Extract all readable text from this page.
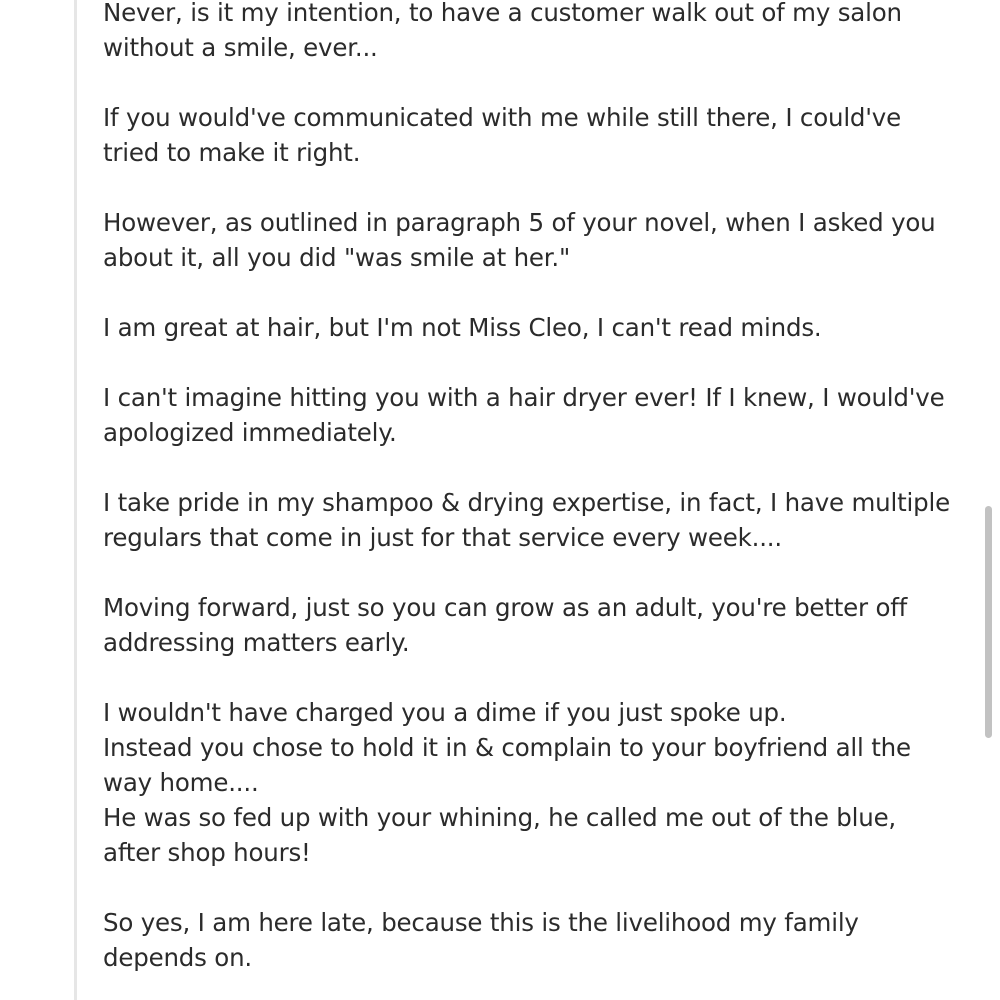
Never, is it my intention, to have a customer walk out of my salon
without a smile, ever...

If you would've communicated with me while still there, I could've
tried to make it right.

However, as outlined in paragraph 5 of your novel, when I asked you
about it, all you did "was smile at her."

I am great at hair, but I'm not Miss Cleo, I can't read minds.

I can't imagine hitting you with a hair dryer ever! If I knew, I would've
apologized immediately.

I take pride in my shampoo & drying expertise, in fact, I have multiple
regulars that come in just for that service every week....

Moving forward, just so you can grow as an adult, you're better off
addressing matters early.

I wouldn't have charged you a dime if you just spoke up.
Instead you chose to hold it in & complain to your boyfriend all the
way home....
He was so fed up with your whining, he called me out of the blue,
after shop hours!

So yes, I am here late, because this is the livelihood my family
depends on.
